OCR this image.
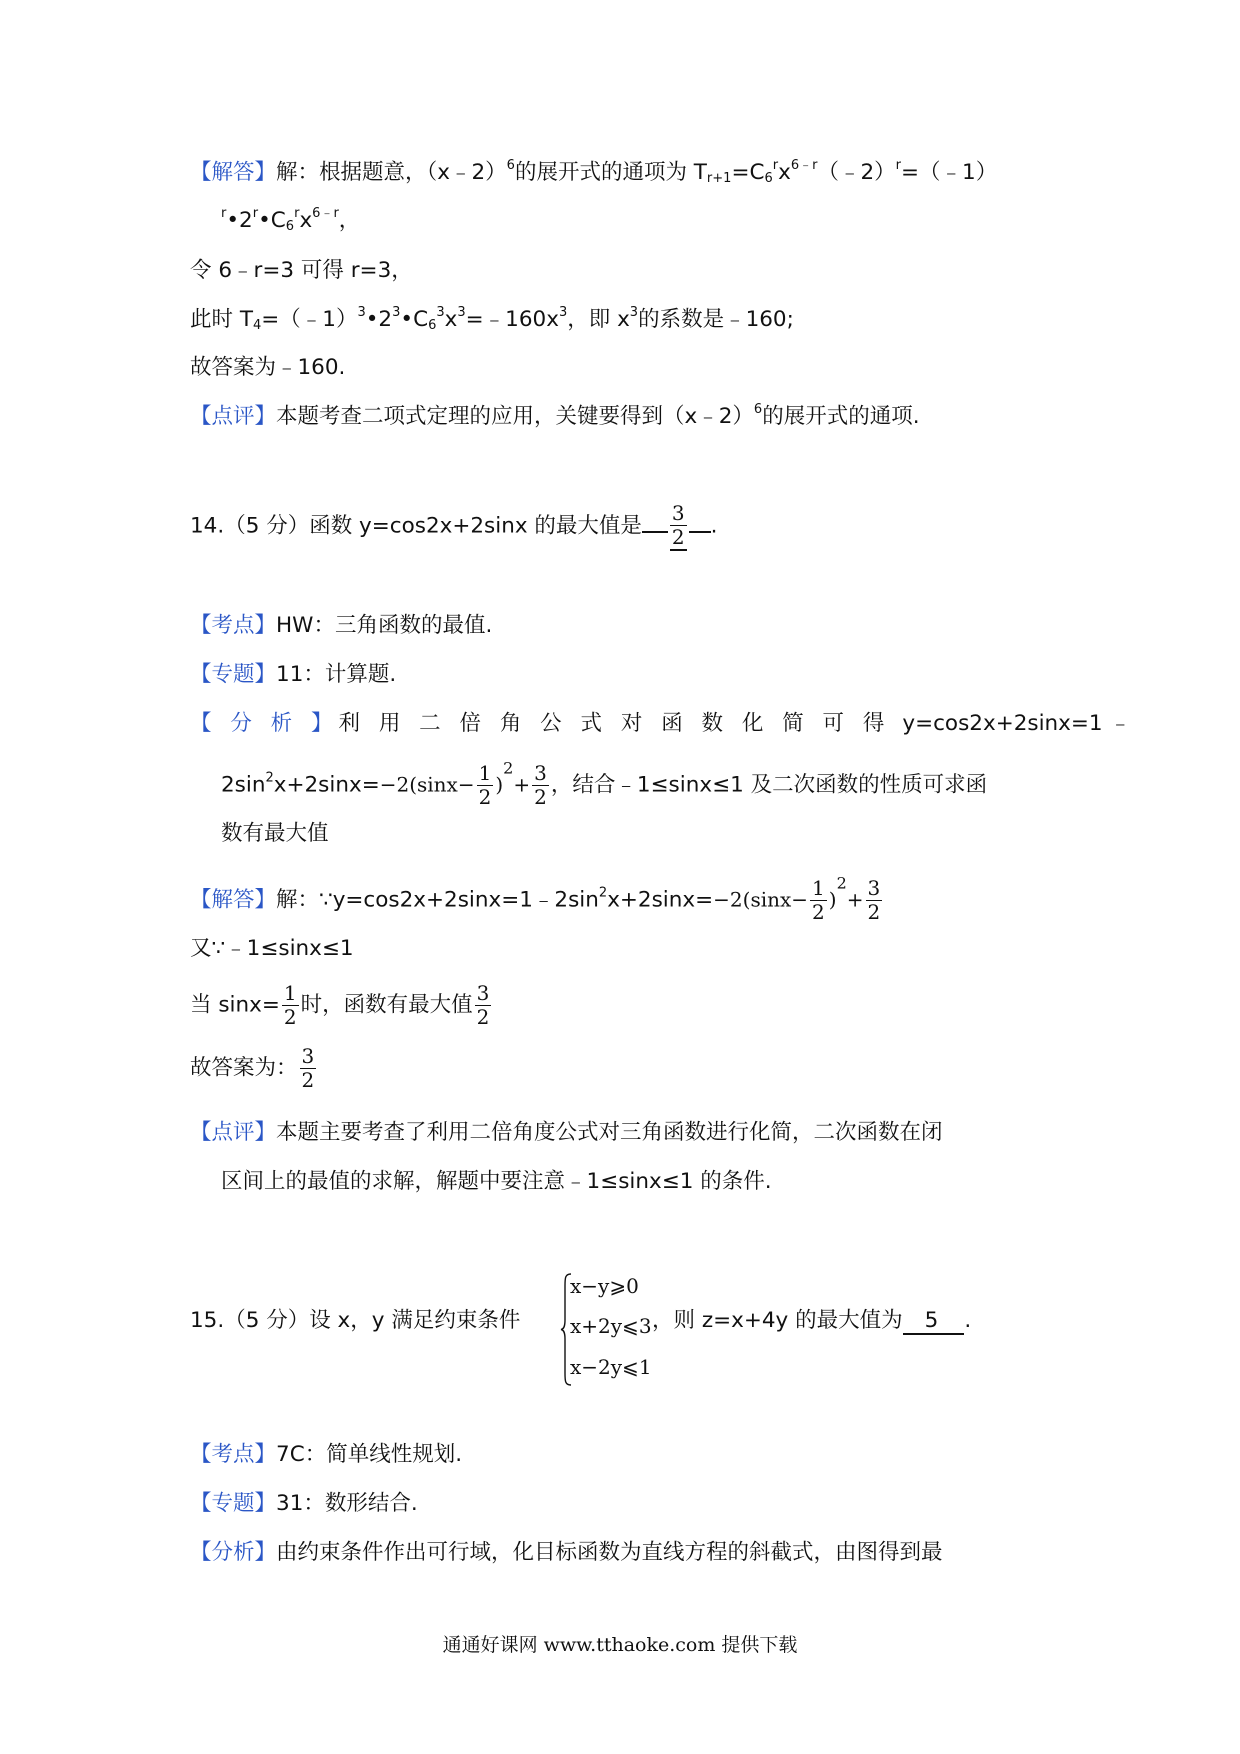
【解答】解：根据题意，（x﹣2）$^6$的展开式的通项为 $T_{r+1}=C_6^rx^{6﹣r}(﹣2)^r=(﹣1)$
$^r•2^r•C_6^rx^{6﹣r}$，
令 6﹣r=3 可得 r=3，
此时 $T_4=(﹣1)^3•2^3•C_6^3x^3=﹣160x^3$，即 $x^3$的系数是﹣160;
故答案为﹣160.
【点评】本题考查二项式定理的应用，关键要得到（x﹣2）$^6$的展开式的通项.
14.（5 分）函数 y=cos2x+2sinx 的最大值是 $\frac{3}{2}$ .
【考点】HW：三角函数的最值.
【专题】11：计算题.
【 分 析 】利 用 二 倍 角 公 式 对 函 数 化 简 可 得 y=cos2x+2sinx=1 ﹣
$2\sin^2x+2\sin x=-2(\sin x- \frac{1}{2} )^2+ \frac{3}{2}$ ，结合﹣1≤sinx≤1 及二次函数的性质可求函
数有最大值
【解答】解：$\because y=\cos 2x+2\sin x=1﹣2\sin^2x+2\sin x=-2(\sin x- \frac{1}{2} )^2+ \frac{3}{2}$
又∵﹣1≤sinx≤1
当 $\sin x= \frac{1}{2}$ 时，函数有最大值 $\frac{3}{2}$
故答案为： $\frac{3}{2}$
【点评】本题主要考查了利用二倍角度公式对三角函数进行化简，二次函数在闭
区间上的最值的求解，解题中要注意﹣1≤sinx≤1 的条件.
15.（5 分）设 x，y 满足约束条件
x−y⩾0
x+2y⩽3
x−2y⩽1
，则 z=x+4y 的最大值为 5 .
【考点】7C：简单线性规划.
【专题】31：数形结合.
【分析】由约束条件作出可行域，化目标函数为直线方程的斜截式，由图得到最
通通好课网 www.tthaoke.com 提供下载
